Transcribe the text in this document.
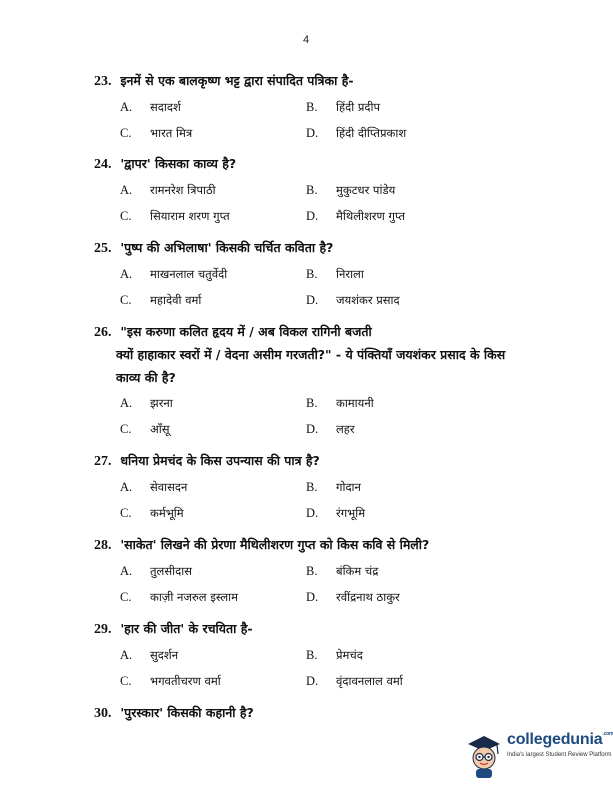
4
23. इनमें से एक बालकृष्ण भट्ट द्वारा संपादित पत्रिका है-
A. सदादर्श	B. हिंदी प्रदीप
C. भारत मित्र	D. हिंदी दीप्तिप्रकाश
24. 'द्वापर' किसका काव्य है?
A. रामनरेश त्रिपाठी	B. मुकुटधर पांडेय
C. सियाराम शरण गुप्त	D. मैथिलीशरण गुप्त
25. 'पुष्प की अभिलाषा' किसकी चर्चित कविता है?
A. माखनलाल चतुर्वेदी	B. निराला
C. महादेवी वर्मा	D. जयशंकर प्रसाद
26. "इस करुणा कलित हृदय में / अब विकल रागिनी बजती
क्यों हाहाकार स्वरों में / वेदना असीम गरजती?" - ये पंक्तियाँ जयशंकर प्रसाद के किस
काव्य की है?
A. झरना	B. कामायनी
C. आँसू	D. लहर
27. धनिया प्रेमचंद के किस उपन्यास की पात्र है?
A. सेवासदन	B. गोदान
C. कर्मभूमि	D. रंगभूमि
28. 'साकेत' लिखने की प्रेरणा मैथिलीशरण गुप्त को किस कवि से मिली?
A. तुलसीदास	B. बंकिम चंद्र
C. काज़ी नजरुल इस्लाम	D. रवींद्रनाथ ठाकुर
29. 'हार की जीत' के रचयिता है-
A. सुदर्शन	B. प्रेमचंद
C. भगवतीचरण वर्मा	D. वृंदावनलाल वर्मा
30. 'पुरस्कार' किसकी कहानी है?
collegedunia$^{.com}$
India's largest Student Review Platform
